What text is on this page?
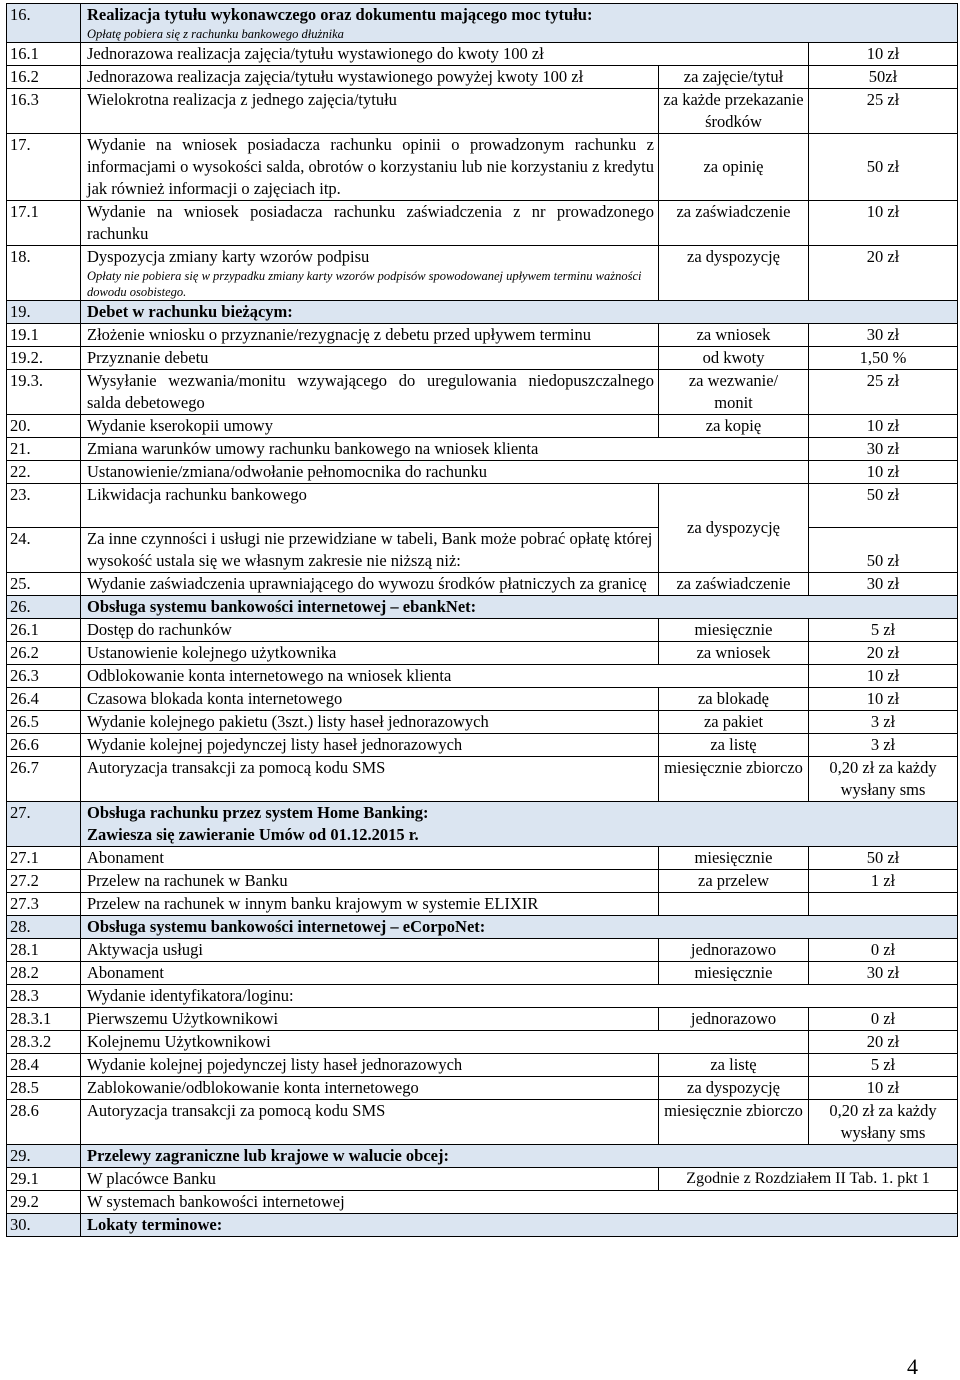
16.	Realizacja tytułu wykonawczego oraz dokumentu mającego moc tytułu:
Opłatę pobiera się z rachunku bankowego dłużnika		

16.1	Jednorazowa realizacja zajęcia/tytułu wystawionego do kwoty 100 zł		10 zł
16.2	Jednorazowa realizacja zajęcia/tytułu wystawionego powyżej kwoty 100 zł	za zajęcie/tytuł	50zł
16.3	Wielokrotna realizacja z jednego zajęcia/tytułu	za każde przekazanie środków	25 zł
17.	Wydanie na wniosek posiadacza rachunku opinii o prowadzonym rachunku z informacjami o wysokości salda, obrotów o korzystaniu lub nie korzystaniu z kredytu jak również informacji o zajęciach itp.	za opinię	50 zł
17.1	Wydanie na wniosek posiadacza rachunku zaświadczenia z nr prowadzonego rachunku	za zaświadczenie	10 zł
18.	Dyspozycja zmiany karty wzorów podpisu
Opłaty nie pobiera się w przypadku zmiany karty wzorów podpisów spowodowanej upływem terminu ważności dowodu osobistego.	za dyspozycję	20 zł
19.	Debet w rachunku bieżącym:		
19.1	Złożenie wniosku o przyznanie/rezygnację z debetu przed upływem terminu	za wniosek	30 zł
19.2.	Przyznanie debetu	od kwoty	1,50 %
19.3.	Wysyłanie wezwania/monitu wzywającego do uregulowania niedopuszczalnego salda debetowego	za wezwanie/
monit	25 zł
20.	Wydanie kserokopii umowy	za kopię	10 zł
21.	Zmiana warunków umowy rachunku bankowego na wniosek klienta		30 zł
22.	Ustanowienie/zmiana/odwołanie pełnomocnika do rachunku		10 zł
23.	Likwidacja rachunku bankowego	za dyspozycję	50 zł
24.	Za inne czynności i usługi nie przewidziane w tabeli, Bank może pobrać opłatę której wysokość ustala się we własnym zakresie nie niższą niż:		50 zł
25.	Wydanie zaświadczenia uprawniającego do wywozu środków płatniczych za granicę	za zaświadczenie	30 zł
26.	Obsługa systemu bankowości internetowej – ebankNet:		
26.1	Dostęp do rachunków	miesięcznie	5 zł
26.2	Ustanowienie kolejnego użytkownika	za wniosek	20 zł
26.3	Odblokowanie konta internetowego na wniosek klienta		10 zł
26.4	Czasowa blokada konta internetowego	za blokadę	10 zł
26.5	Wydanie kolejnego pakietu (3szt.) listy haseł jednorazowych	za pakiet	3 zł
26.6	Wydanie kolejnej pojedynczej listy haseł jednorazowych	za listę	3 zł
26.7	Autoryzacja transakcji za pomocą kodu SMS	miesięcznie zbiorczo	0,20 zł za każdy wysłany sms
27.	Obsługa rachunku przez system Home Banking:
Zawiesza się zawieranie Umów od 01.12.2015 r.		
27.1	Abonament	miesięcznie	50 zł
27.2	Przelew na rachunek w Banku	za przelew	1 zł
27.3	Przelew na rachunek w innym banku krajowym w systemie ELIXIR		
28.	Obsługa systemu bankowości internetowej – eCorpoNet:		
28.1	Aktywacja usługi	jednorazowo	0 zł
28.2	Abonament	miesięcznie	30 zł
28.3	Wydanie identyfikatora/loginu:		
28.3.1	Pierwszemu Użytkownikowi	jednorazowo	0 zł
28.3.2	Kolejnemu Użytkownikowi		20 zł
28.4	Wydanie kolejnej pojedynczej listy haseł jednorazowych	za listę	5 zł
28.5	Zablokowanie/odblokowanie konta internetowego	za dyspozycję	10 zł
28.6	Autoryzacja transakcji za pomocą kodu SMS	miesięcznie zbiorczo	0,20 zł za każdy wysłany sms
29.	Przelewy zagraniczne lub krajowe w walucie obcej:		
29.1	W placówce Banku	Zgodnie z Rozdziałem II Tab. 1. pkt 1	
29.2	W systemach bankowości internetowej		
30.	Lokaty terminowe:		
4
